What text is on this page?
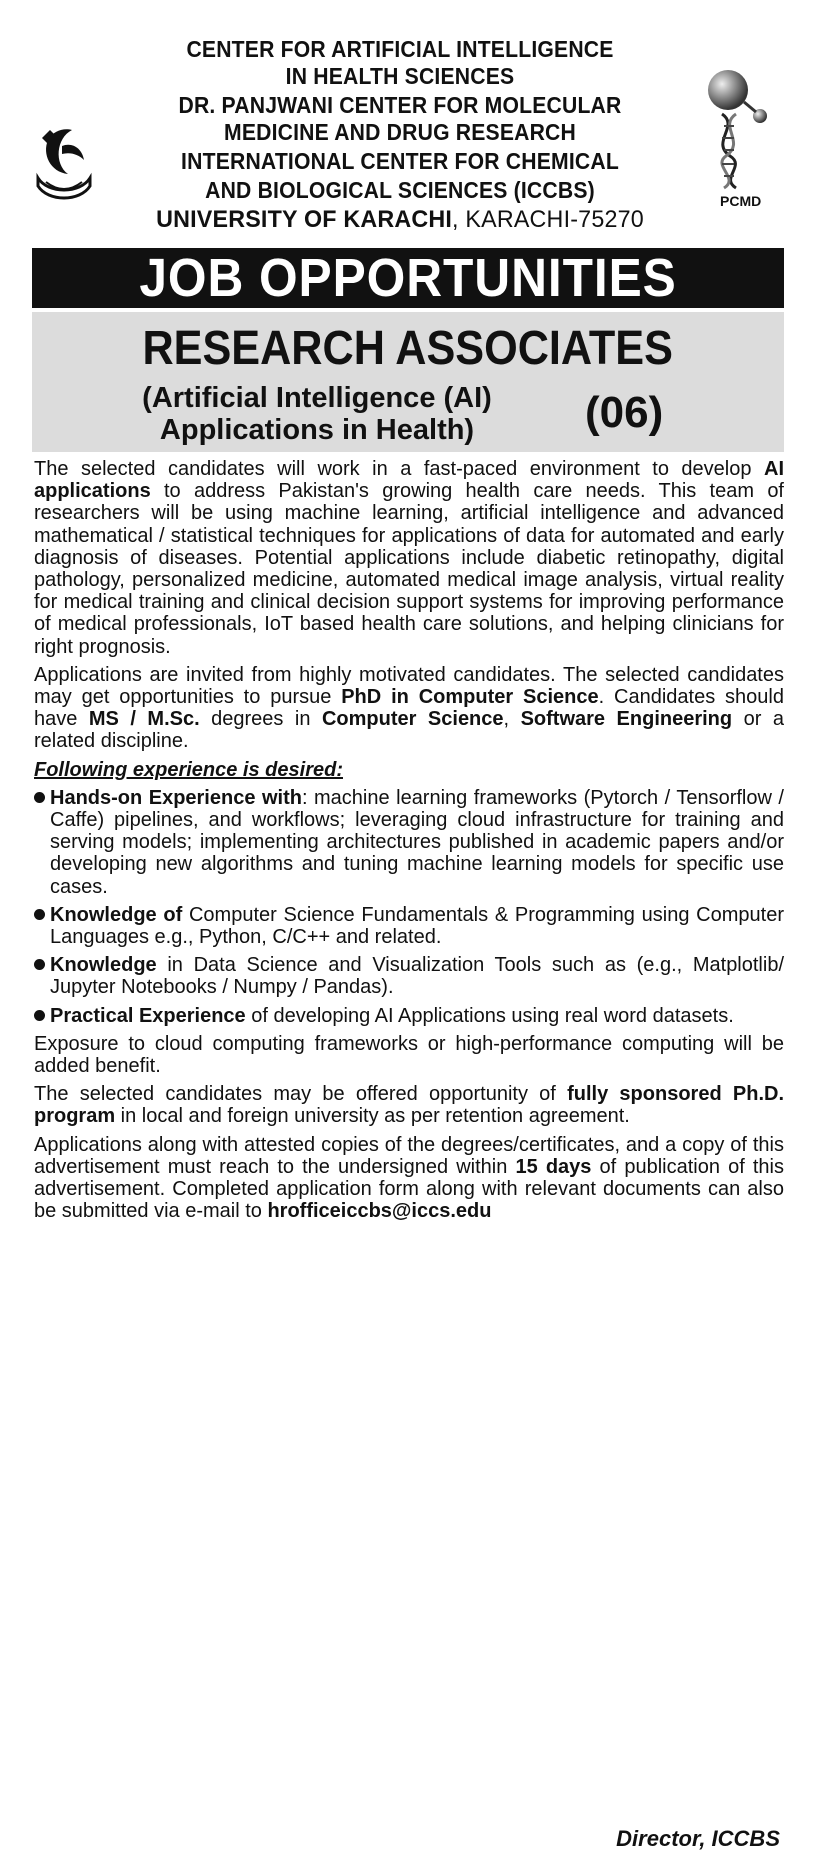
CENTER FOR ARTIFICIAL INTELLIGENCE
IN HEALTH SCIENCES
DR. PANJWANI CENTER FOR MOLECULAR
MEDICINE AND DRUG RESEARCH
INTERNATIONAL CENTER FOR CHEMICAL
AND BIOLOGICAL SCIENCES (ICCBS)
UNIVERSITY OF KARACHI, KARACHI-75270
PCMD
JOB OPPORTUNITIES
RESEARCH ASSOCIATES
(Artificial Intelligence (AI)
Applications in Health)	(06)

The selected candidates will work in a fast-paced environment to develop AI applications to address Pakistan's growing health care needs. This team of researchers will be using machine learning, artificial intelligence and advanced mathematical / statistical techniques for applications of data for automated and early diagnosis of diseases. Potential applications include diabetic retinopathy, digital pathology, personalized medicine, automated medical image analysis, virtual reality for medical training and clinical decision support systems for improving performance of medical professionals, IoT based health care solutions, and helping clinicians for right prognosis.

Applications are invited from highly motivated candidates. The selected candidates may get opportunities to pursue PhD in Computer Science. Candidates should have MS / M.Sc. degrees in Computer Science, Software Engineering or a related discipline.

Following experience is desired:
Hands-on Experience with: machine learning frameworks (Pytorch / Tensorflow / Caffe) pipelines, and workflows; leveraging cloud infrastructure for training and serving models; implementing architectures published in academic papers and/or developing new algorithms and tuning machine learning models for specific use cases.
Knowledge of Computer Science Fundamentals & Programming using Computer Languages e.g., Python, C/C++ and related.
Knowledge in Data Science and Visualization Tools such as (e.g., Matplotlib/ Jupyter Notebooks / Numpy / Pandas).
Practical Experience of developing AI Applications using real word datasets.

Exposure to cloud computing frameworks or high-performance computing will be added benefit.

The selected candidates may be offered opportunity of fully sponsored Ph.D. program in local and foreign university as per retention agreement.

Applications along with attested copies of the degrees/certificates, and a copy of this advertisement must reach to the undersigned within 15 days of publication of this advertisement. Completed application form along with relevant documents can also be submitted via e-mail to hrofficeiccbs@iccs.edu

Director, ICCBS
